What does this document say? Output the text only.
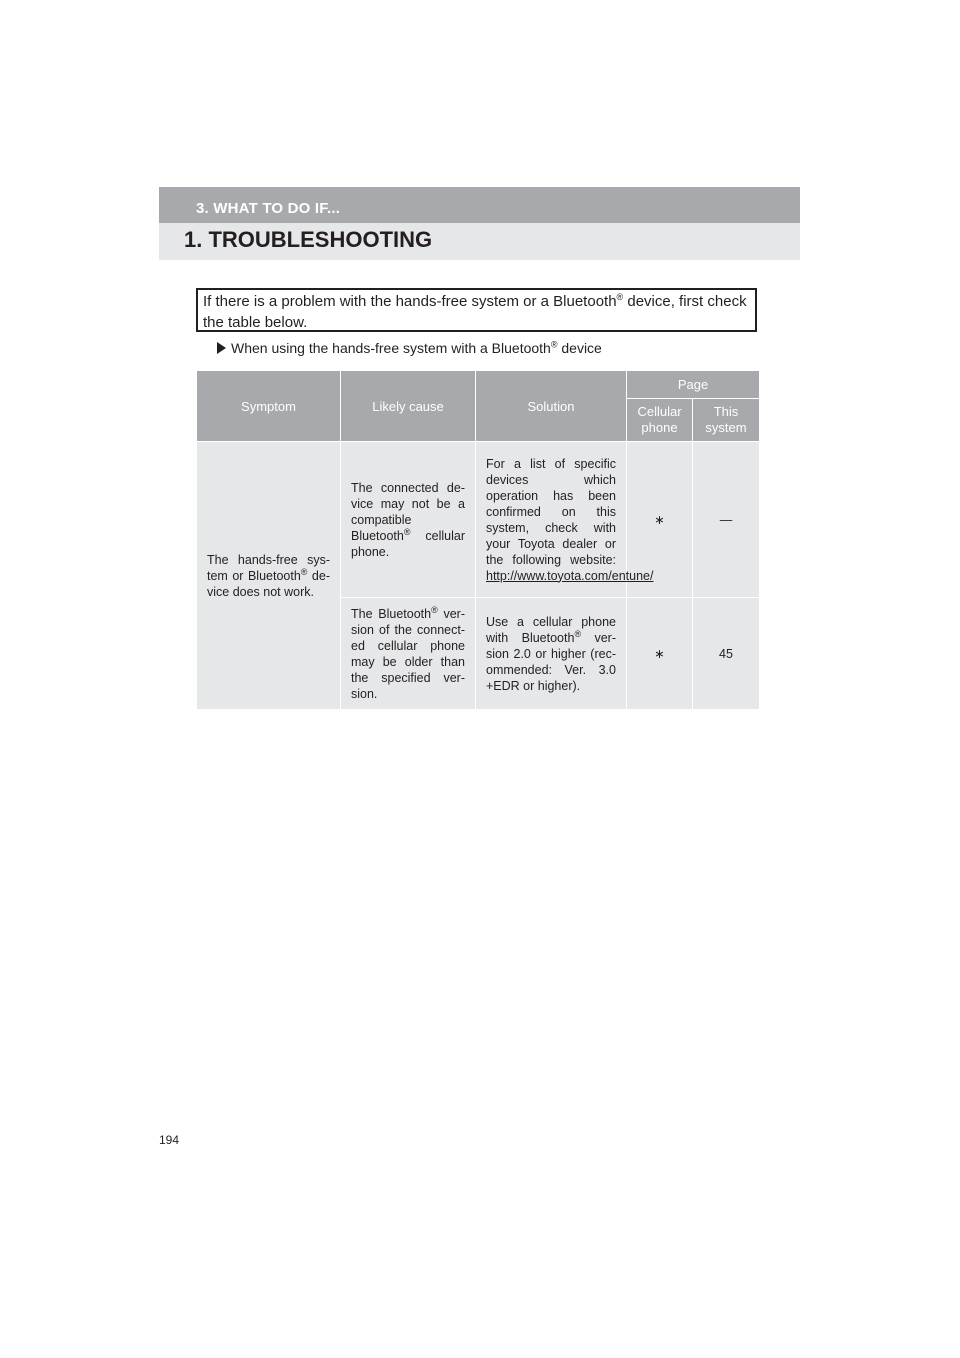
3. WHAT TO DO IF...
1. TROUBLESHOOTING
If there is a problem with the hands-free system or a Bluetooth® device, first check the table below.
When using the hands-free system with a Bluetooth® device
Symptom	Likely cause	Solution	Page	
			Cellular phone	This system
The hands-free sys-tem or Bluetooth® de-vice does not work.	The connected de-vice may not be a compatible Bluetooth® cellular phone.	For a list of specific devices which operation has been confirmed on this system, check with your Toyota dealer or the following website: http://www.toyota.com/entune/	∗	—
	The Bluetooth® ver-sion of the connect-ed cellular phone may be older than the specified ver-sion.	Use a cellular phone with Bluetooth® ver-sion 2.0 or higher (rec-ommended: Ver. 3.0 +EDR or higher).	∗	45
194
